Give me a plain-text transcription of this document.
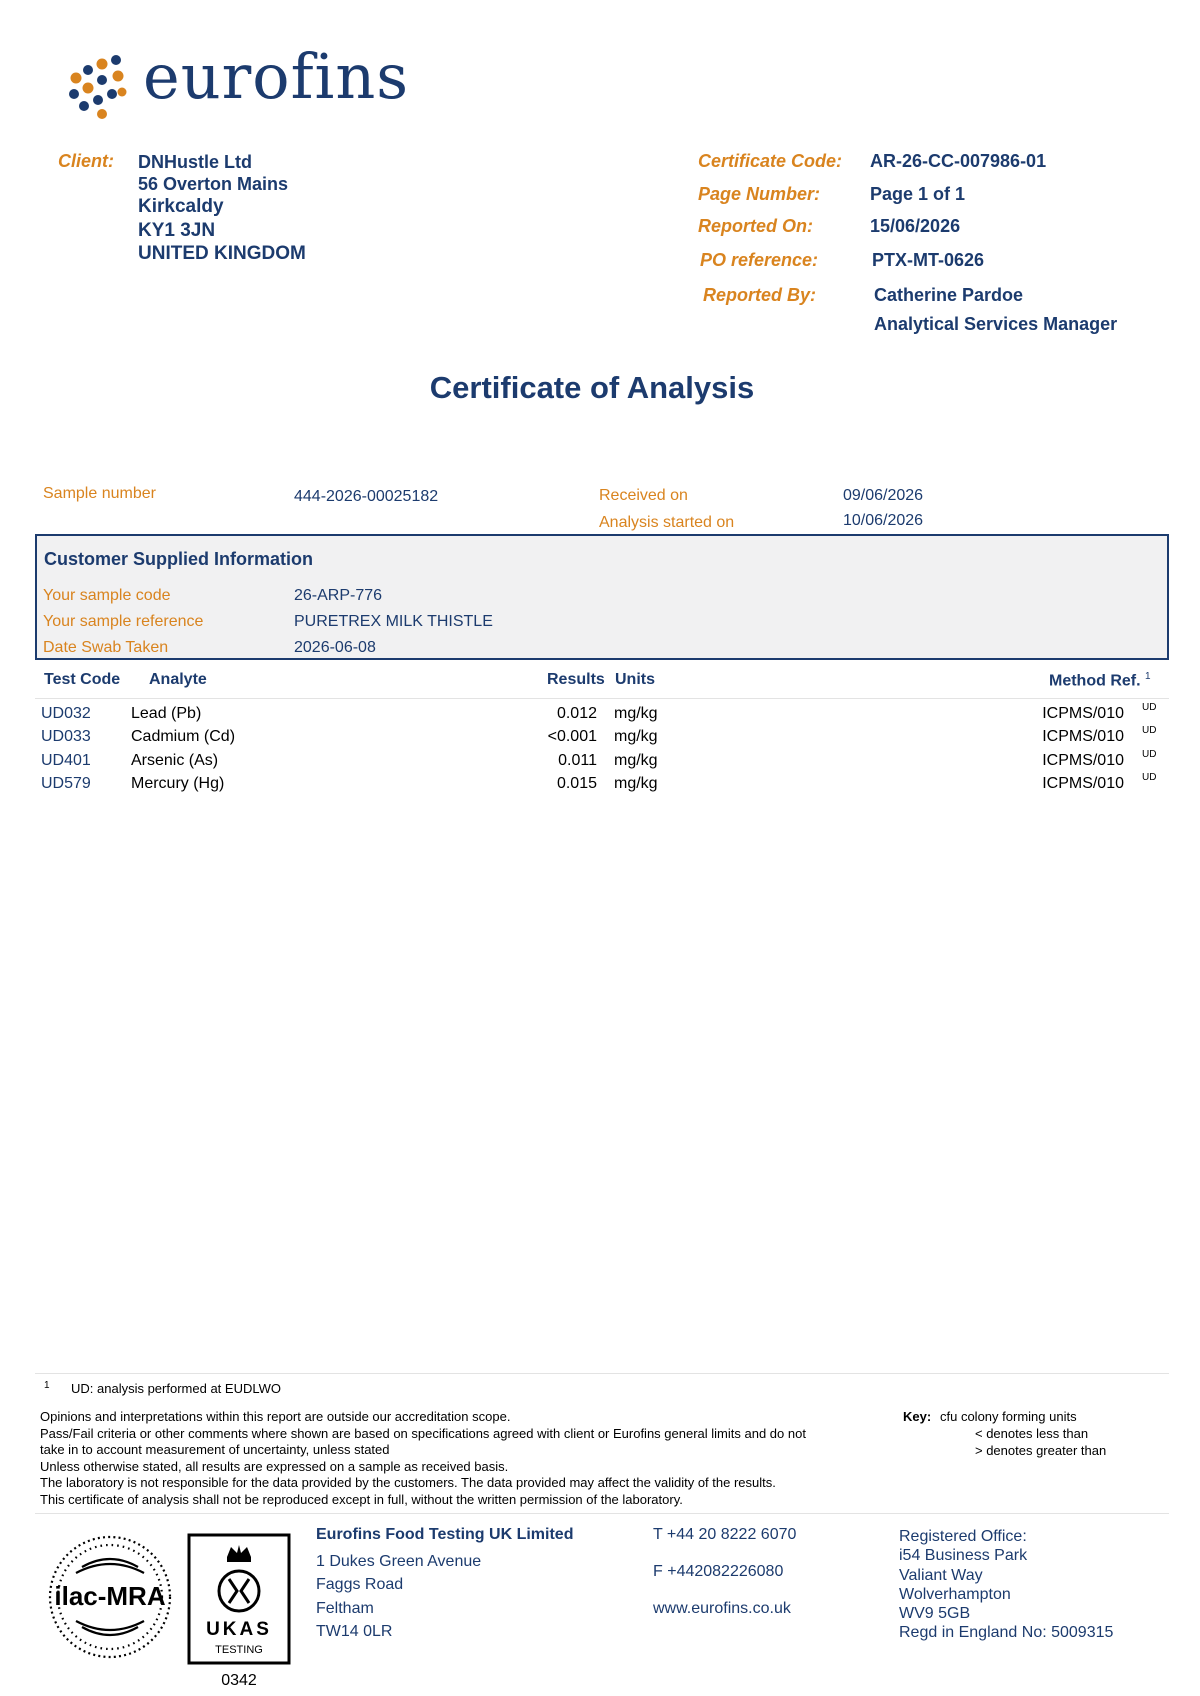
eurofins
Client: DNHustle Ltd
56 Overton Mains
Kirkcaldy
KY1 3JN
UNITED KINGDOM
Certificate Code: AR-26-CC-007986-01
Page Number:	Page 1 of 1
Reported On:	15/06/2026
PO reference:	PTX-MT-0626
Reported By:	Catherine Pardoe
Analytical Services Manager
Certificate of Analysis
Sample number	444-2026-00025182	Received on	09/06/2026
Analysis started on	10/06/2026
Customer Supplied Information
Your sample code	26-ARP-776
Your sample reference	PURETREX MILK THISTLE
Date Swab Taken	2026-06-08
Test Code Analyte	Results Units	Method Ref. $^1$
UD032	Lead (Pb)	0.012 mg/kg	ICPMS/010 UD
UD033	Cadmium (Cd)	<0.001 mg/kg	ICPMS/010 UD
UD401	Arsenic (As)	0.011 mg/kg	ICPMS/010 UD
UD579	Mercury (Hg)	0.015 mg/kg	ICPMS/010 UD
1 UD: analysis performed at EUDLWO
Opinions and interpretations within this report are outside our accreditation scope.
Pass/Fail criteria or other comments where shown are based on specifications agreed with client or Eurofins general limits and do not
take in to account measurement of uncertainty, unless stated
Unless otherwise stated, all results are expressed on a sample as received basis.
The laboratory is not responsible for the data provided by the customers. The data provided may affect the validity of the results.
This certificate of analysis shall not be reproduced except in full, without the written permission of the laboratory.
Key: cfu colony forming units
< denotes less than
> denotes greater than
ilac-MRA
UKAS
TESTING
0342
Eurofins Food Testing UK Limited
1 Dukes Green Avenue
Faggs Road
Feltham
TW14 0LR
T +44 20 8222 6070
F +442082226080
www.eurofins.co.uk
Registered Office:
i54 Business Park
Valiant Way
Wolverhampton
WV9 5GB
Regd in England No: 5009315
